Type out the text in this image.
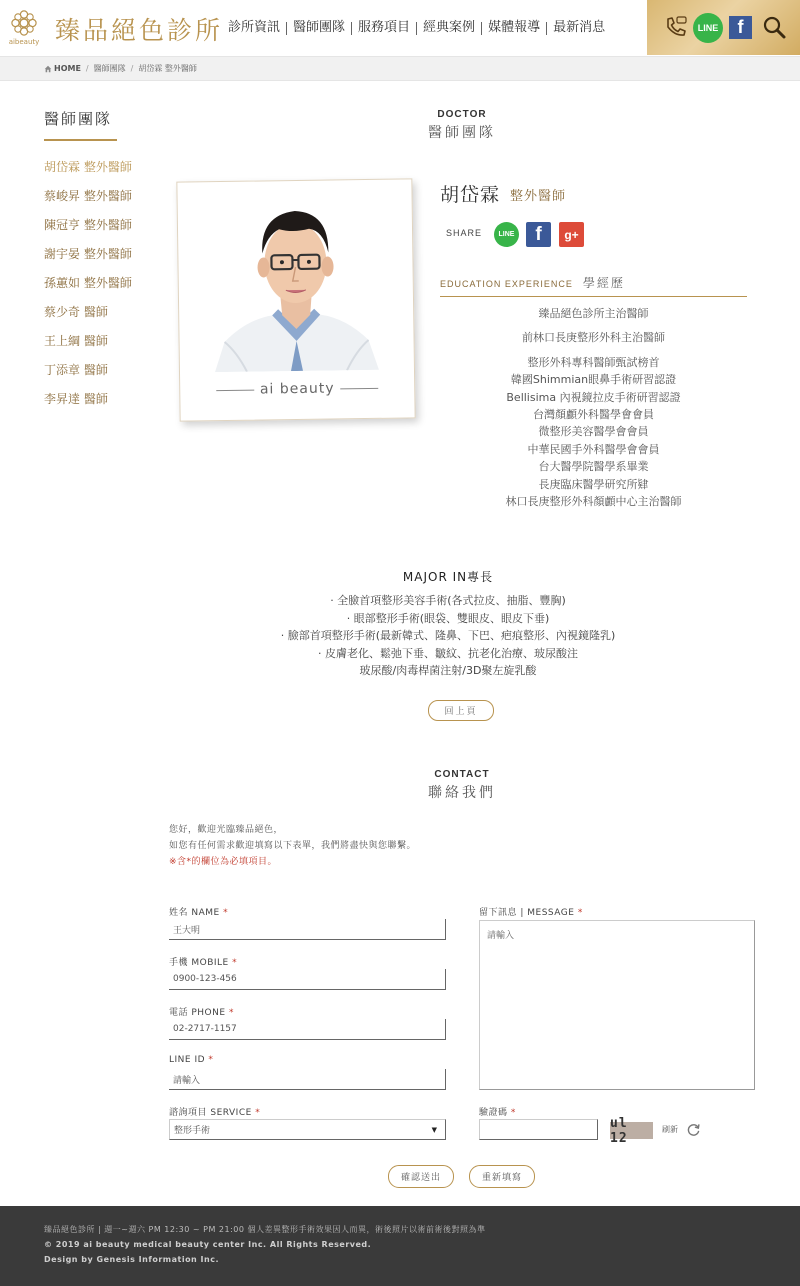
aibeauty 臻品絕色診所 診所資訊	醫師團隊	服務項目	經典案例	媒體報導	最新消息	LINE	f
HOME / 醫師團隊 / 胡岱霖 整外醫師
醫師團隊
胡岱霖 整外醫師
蔡峻昇 整外醫師
陳冠亨 整外醫師
謝宇晏 整外醫師
孫蕙如 整外醫師
蔡少奇 醫師
王上綱 醫師
丁添章 醫師
李昇達 醫師
DOCTOR
醫師團隊
ai beauty
胡岱霖 整外醫師
SHARE	LINE	f	g+
EDUCATION EXPERIENCE 學經歷
臻品絕色診所主治醫師
前林口長庚整形外科主治醫師
整形外科專科醫師甄試榜首
韓國Shimmian眼鼻手術研習認證
Bellisima 內視鏡拉皮手術研習認證
台灣顏顱外科醫學會會員
微整形美容醫學會會員
中華民國手外科醫學會會員
台大醫學院醫學系畢業
長庚臨床醫學研究所肄
林口長庚整形外科顏顱中心主治醫師
MAJOR IN專長
· 全臉首項整形美容手術(各式拉皮、抽脂、豐胸)
· 眼部整形手術(眼袋、雙眼皮、眼皮下垂)
· 臉部首項整形手術(最新韓式、隆鼻、下巴、疤痕整形、內視鏡隆乳)
· 皮膚老化、鬆弛下垂、皺紋、抗老化治療、玻尿酸注
玻尿酸/肉毒桿菌注射/3D聚左旋乳酸
回上頁
CONTACT
聯絡我們
您好，歡迎光臨臻品絕色，
如您有任何需求歡迎填寫以下表單，我們將盡快與您聯繫。
※含*的欄位為必填項目。
姓名 NAME *
王大明
手機 MOBILE *
0900-123-456
電話 PHONE *
02-2717-1157
LINE ID *
請輸入
諮詢項目 SERVICE *
整形手術	▼
留下訊息 | MESSAGE *
請輸入
驗證碼 *
ul 12
刷新
確認送出	重新填寫
臻品絕色診所 | 週一~週六 PM 12:30 ~ PM 21:00 個人差異整形手術效果因人而異，術後照片以術前術後對照為準
© 2019 ai beauty medical beauty center Inc. All Rights Reserved.
Design by Genesis Information Inc.
